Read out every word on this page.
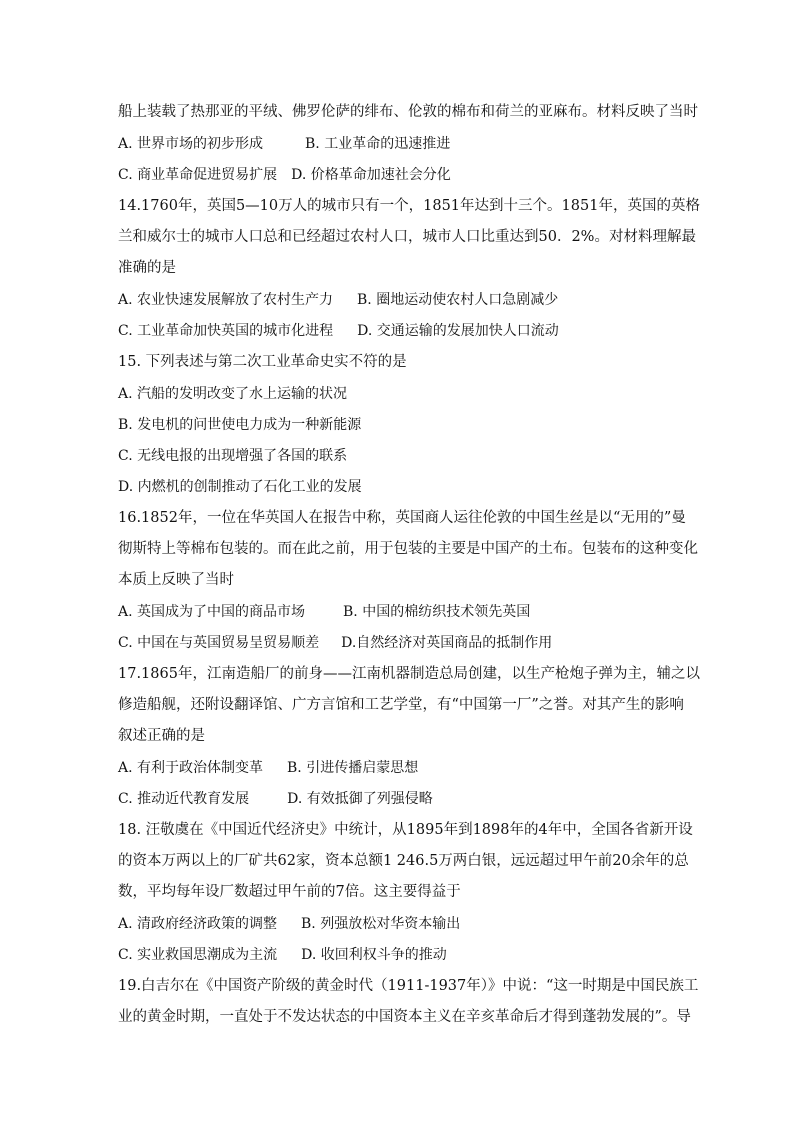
船上装载了热那亚的平绒、佛罗伦萨的绯布、伦敦的棉布和荷兰的亚麻布。材料反映了当时
A. 世界市场的初步形成	B. 工业革命的迅速推进
C. 商业革命促进贸易扩展 D. 价格革命加速社会分化
14.1760年，英国5—10万人的城市只有一个，1851年达到十三个。1851年，英国的英格
兰和威尔士的城市人口总和已经超过农村人口，城市人口比重达到50．2%。对材料理解最
准确的是
A. 农业快速发展解放了农村生产力 B. 圈地运动使农村人口急剧减少
C. 工业革命加快英国的城市化进程 D. 交通运输的发展加快人口流动
15. 下列表述与第二次工业革命史实不符的是
A. 汽船的发明改变了水上运输的状况
B. 发电机的问世使电力成为一种新能源
C. 无线电报的出现增强了各国的联系
D. 内燃机的创制推动了石化工业的发展
16.1852年，一位在华英国人在报告中称，英国商人运往伦敦的中国生丝是以“无用的”曼
彻斯特上等棉布包装的。而在此之前，用于包装的主要是中国产的土布。包装布的这种变化
本质上反映了当时
A. 英国成为了中国的商品市场	B. 中国的棉纺织技术领先英国
C. 中国在与英国贸易呈贸易顺差 D.自然经济对英国商品的抵制作用
17.1865年，江南造船厂的前身——江南机器制造总局创建，以生产枪炮子弹为主，辅之以
修造船舰，还附设翻译馆、广方言馆和工艺学堂，有“中国第一厂”之誉。对其产生的影响
叙述正确的是
A. 有利于政治体制变革 B. 引进传播启蒙思想
C. 推动近代教育发展	D. 有效抵御了列强侵略
18. 汪敬虞在《中国近代经济史》中统计，从1895年到1898年的4年中，全国各省新开设
的资本万两以上的厂矿共62家，资本总额1 246.5万两白银，远远超过甲午前20余年的总
数，平均每年设厂数超过甲午前的7倍。这主要得益于
A. 清政府经济政策的调整 B. 列强放松对华资本输出
C. 实业救国思潮成为主流 D. 收回利权斗争的推动
19.白吉尔在《中国资产阶级的黄金时代（1911-1937年）》中说：“这一时期是中国民族工
业的黄金时期，一直处于不发达状态的中国资本主义在辛亥革命后才得到蓬勃发展的”。导
